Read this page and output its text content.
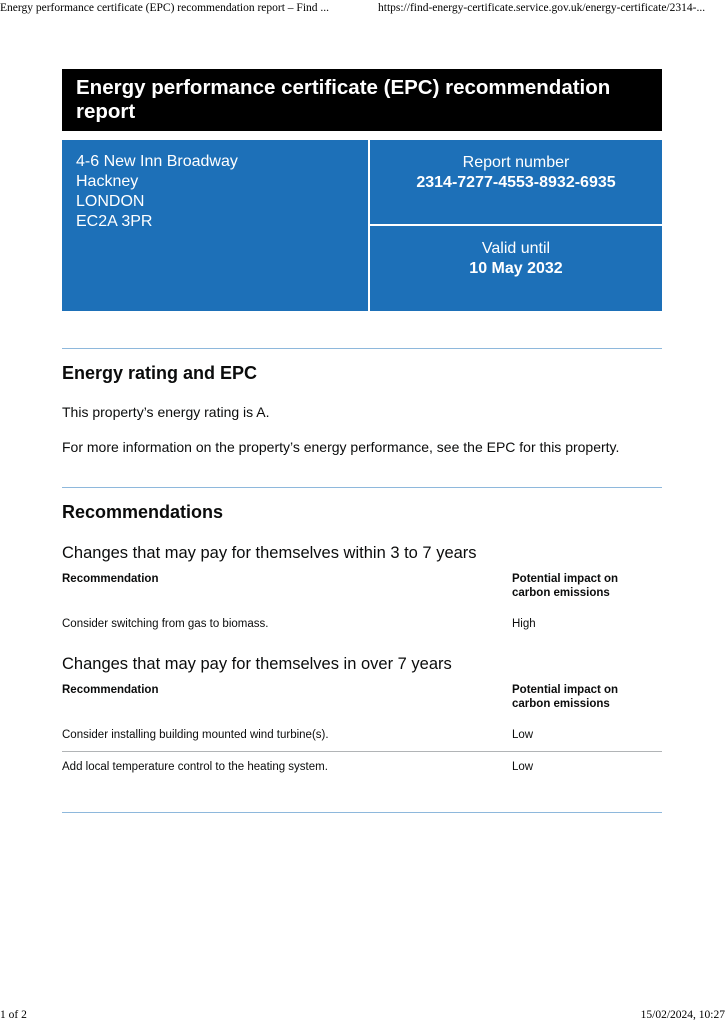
Energy performance certificate (EPC) recommendation report – Find ...	https://find-energy-certificate.service.gov.uk/energy-certificate/2314-...
Energy performance certificate (EPC) recommendation report
4-6 New Inn Broadway
Hackney
LONDON
EC2A 3PR
Report number
2314-7277-4553-8932-6935
Valid until
10 May 2032
Energy rating and EPC
This property’s energy rating is A.
For more information on the property’s energy performance, see the EPC for this property.
Recommendations
Changes that may pay for themselves within 3 to 7 years
Recommendation	Potential impact on
carbon emissions
Consider switching from gas to biomass.	High
Changes that may pay for themselves in over 7 years
Recommendation	Potential impact on
carbon emissions
Consider installing building mounted wind turbine(s).	Low
Add local temperature control to the heating system.	Low
1 of 2	15/02/2024, 10:27
